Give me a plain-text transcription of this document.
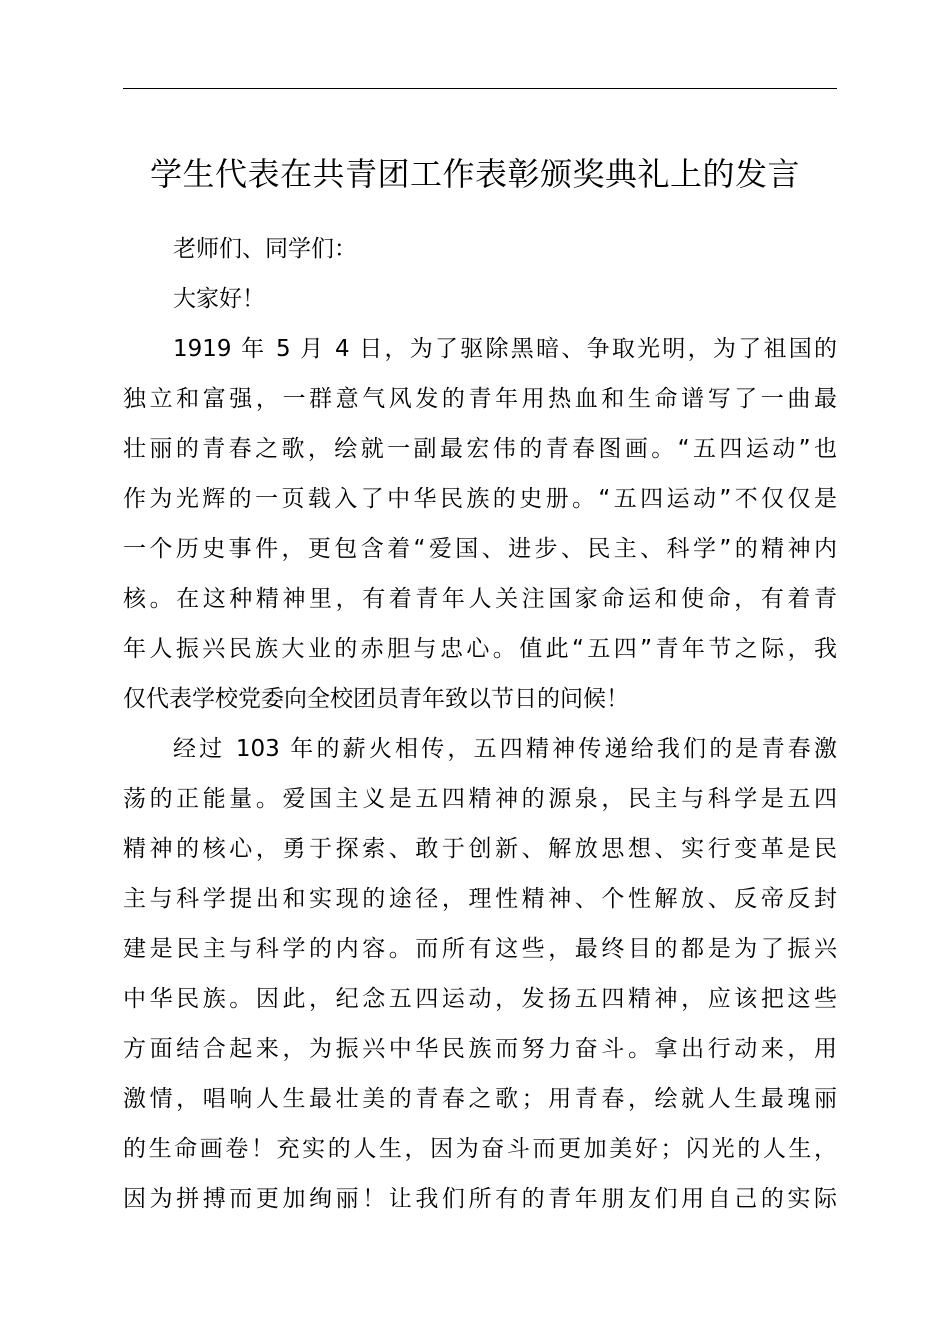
学生代表在共青团工作表彰颁奖典礼上的发言
老师们、同学们：
大家好！
1919 年 5 月 4 日，为了驱除黑暗、争取光明，为了祖国的
独立和富强，一群意气风发的青年用热血和生命谱写了一曲最
壮丽的青春之歌，绘就一副最宏伟的青春图画。“五四运动”也
作为光辉的一页载入了中华民族的史册。“五四运动”不仅仅是
一个历史事件，更包含着“爱国、进步、民主、科学”的精神内
核。在这种精神里，有着青年人关注国家命运和使命，有着青
年人振兴民族大业的赤胆与忠心。值此“五四”青年节之际，我
仅代表学校党委向全校团员青年致以节日的问候！
经过 103 年的薪火相传，五四精神传递给我们的是青春激
荡的正能量。爱国主义是五四精神的源泉，民主与科学是五四
精神的核心，勇于探索、敢于创新、解放思想、实行变革是民
主与科学提出和实现的途径，理性精神、个性解放、反帝反封
建是民主与科学的内容。而所有这些，最终目的都是为了振兴
中华民族。因此，纪念五四运动，发扬五四精神，应该把这些
方面结合起来，为振兴中华民族而努力奋斗。拿出行动来，用
激情，唱响人生最壮美的青春之歌；用青春，绘就人生最瑰丽
的生命画卷！充实的人生，因为奋斗而更加美好；闪光的人生，
因为拼搏而更加绚丽！让我们所有的青年朋友们用自己的实际
